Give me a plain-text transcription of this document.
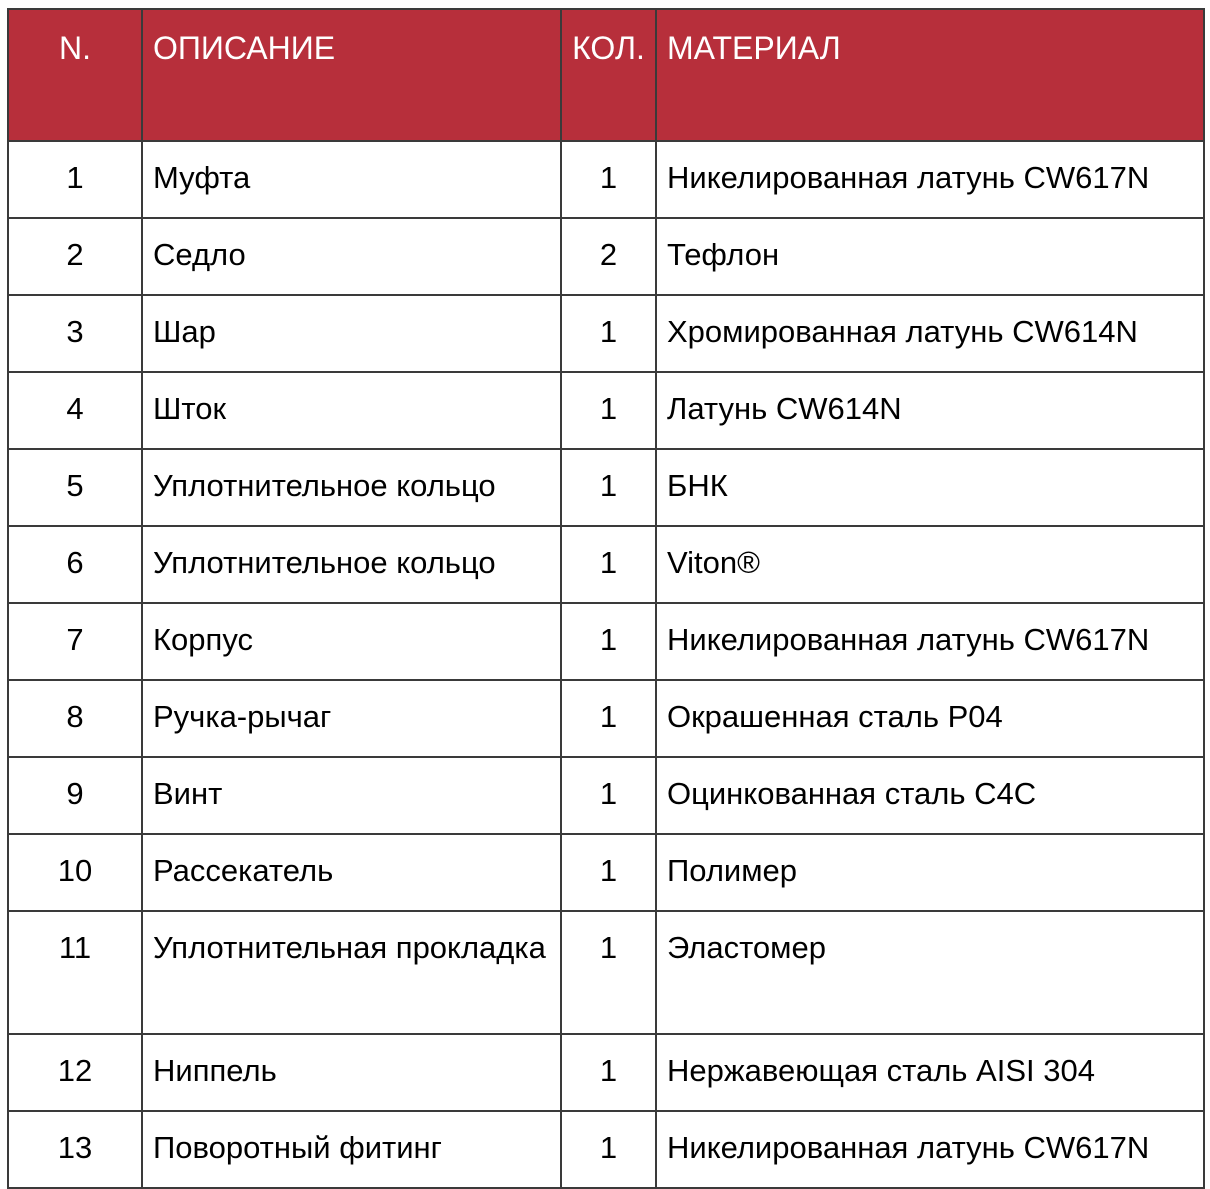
N.	ОПИСАНИЕ	КОЛ.	МАТЕРИАЛ
1	Муфта	1	Никелированная латунь CW617N
2	Седло	2	Тефлон
3	Шар	1	Хромированная латунь CW614N
4	Шток	1	Латунь CW614N
5	Уплотнительное кольцо	1	БНК
6	Уплотнительное кольцо	1	Viton®
7	Корпус	1	Никелированная латунь CW617N
8	Ручка-рычаг	1	Окрашенная сталь P04
9	Винт	1	Оцинкованная сталь C4C
10	Рассекатель	1	Полимер
11	Уплотнительная прокладка	1	Эластомер
12	Ниппель	1	Нержавеющая сталь AISI 304
13	Поворотный фитинг	1	Никелированная латунь CW617N
